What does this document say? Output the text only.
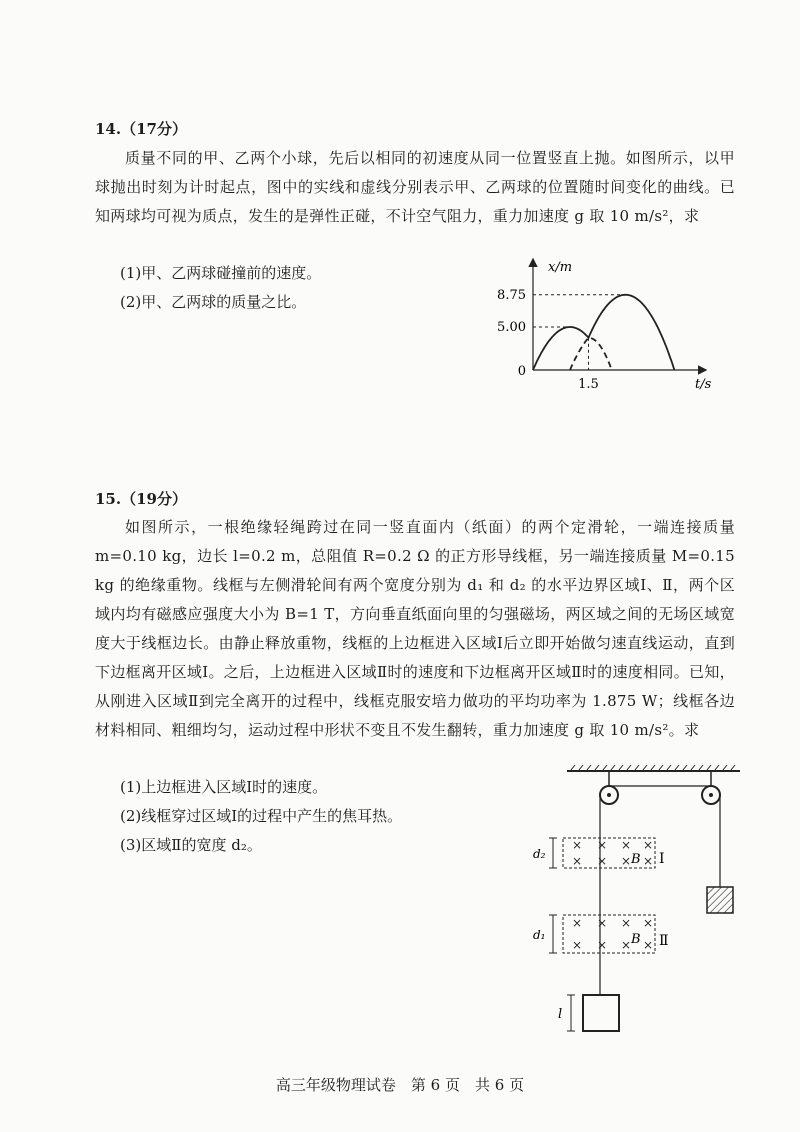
14.（17分）
质量不同的甲、乙两个小球，先后以相同的初速度从同一位置竖直上抛。如图所示，以甲球抛出时刻为计时起点，图中的实线和虚线分别表示甲、乙两球的位置随时间变化的曲线。已知两球均可视为质点，发生的是弹性正碰，不计空气阻力，重力加速度 g 取 10 m/s²，求
(1)甲、乙两球碰撞前的速度。
(2)甲、乙两球的质量之比。
x/m
t/s
8.75
5.00
0
1.5
15.（19分）
如图所示，一根绝缘轻绳跨过在同一竖直面内（纸面）的两个定滑轮，一端连接质量 m=0.10 kg，边长 l=0.2 m，总阻值 R=0.2 Ω 的正方形导线框，另一端连接质量 M=0.15 kg 的绝缘重物。线框与左侧滑轮间有两个宽度分别为 d₁ 和 d₂ 的水平边界区域Ⅰ、Ⅱ，两个区域内均有磁感应强度大小为 B=1 T，方向垂直纸面向里的匀强磁场，两区域之间的无场区域宽度大于线框边长。由静止释放重物，线框的上边框进入区域Ⅰ后立即开始做匀速直线运动，直到下边框离开区域Ⅰ。之后，上边框进入区域Ⅱ时的速度和下边框离开区域Ⅱ时的速度相同。已知，从刚进入区域Ⅱ到完全离开的过程中，线框克服安培力做功的平均功率为 1.875 W；线框各边材料相同、粗细均匀，运动过程中形状不变且不发生翻转，重力加速度 g 取 10 m/s²。求
(1)上边框进入区域Ⅰ时的速度。
(2)线框穿过区域Ⅰ的过程中产生的焦耳热。
(3)区域Ⅱ的宽度 d₂。	× × × ×
× × × ×
B Ⅰ
d₂
× × × ×
× × × ×
B Ⅱ
d₁
l
高三年级物理试卷　第 6 页　共 6 页
